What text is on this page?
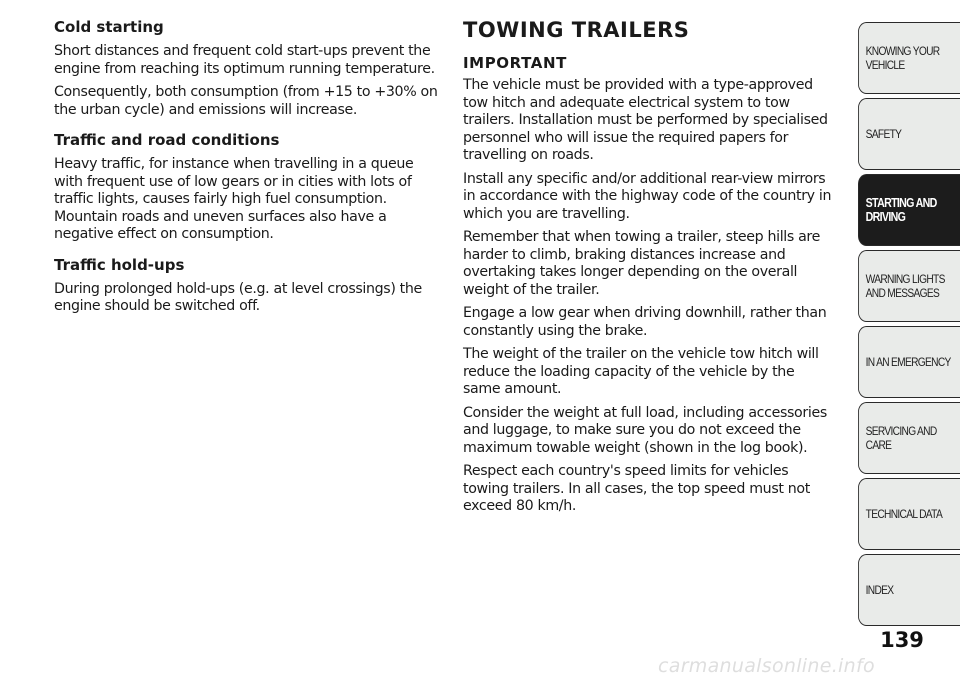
Cold starting

Short distances and frequent cold start-ups prevent the engine from reaching its optimum running temperature.

Consequently, both consumption (from +15 to +30% on the urban cycle) and emissions will increase.

Traffic and road conditions

Heavy traffic, for instance when travelling in a queue with frequent use of low gears or in cities with lots of traffic lights, causes fairly high fuel consumption. Mountain roads and uneven surfaces also have a negative effect on consumption.

Traffic hold-ups

During prolonged hold-ups (e.g. at level crossings) the engine should be switched off.

TOWING TRAILERS
IMPORTANT

The vehicle must be provided with a type-approved tow hitch and adequate electrical system to tow trailers. Installation must be performed by specialised personnel who will issue the required papers for travelling on roads.

Install any specific and/or additional rear-view mirrors in accordance with the highway code of the country in which you are travelling.

Remember that when towing a trailer, steep hills are harder to climb, braking distances increase and overtaking takes longer depending on the overall weight of the trailer.

Engage a low gear when driving downhill, rather than constantly using the brake.

The weight of the trailer on the vehicle tow hitch will reduce the loading capacity of the vehicle by the same amount.

Consider the weight at full load, including accessories and luggage, to make sure you do not exceed the maximum towable weight (shown in the log book).

Respect each country's speed limits for vehicles towing trailers. In all cases, the top speed must not exceed 80 km/h.

KNOWING YOUR VEHICLE
SAFETY
STARTING AND DRIVING
WARNING LIGHTS AND MESSAGES
IN AN EMERGENCY
SERVICING AND CARE
TECHNICAL DATA
INDEX
139
carmanualsonline.info
